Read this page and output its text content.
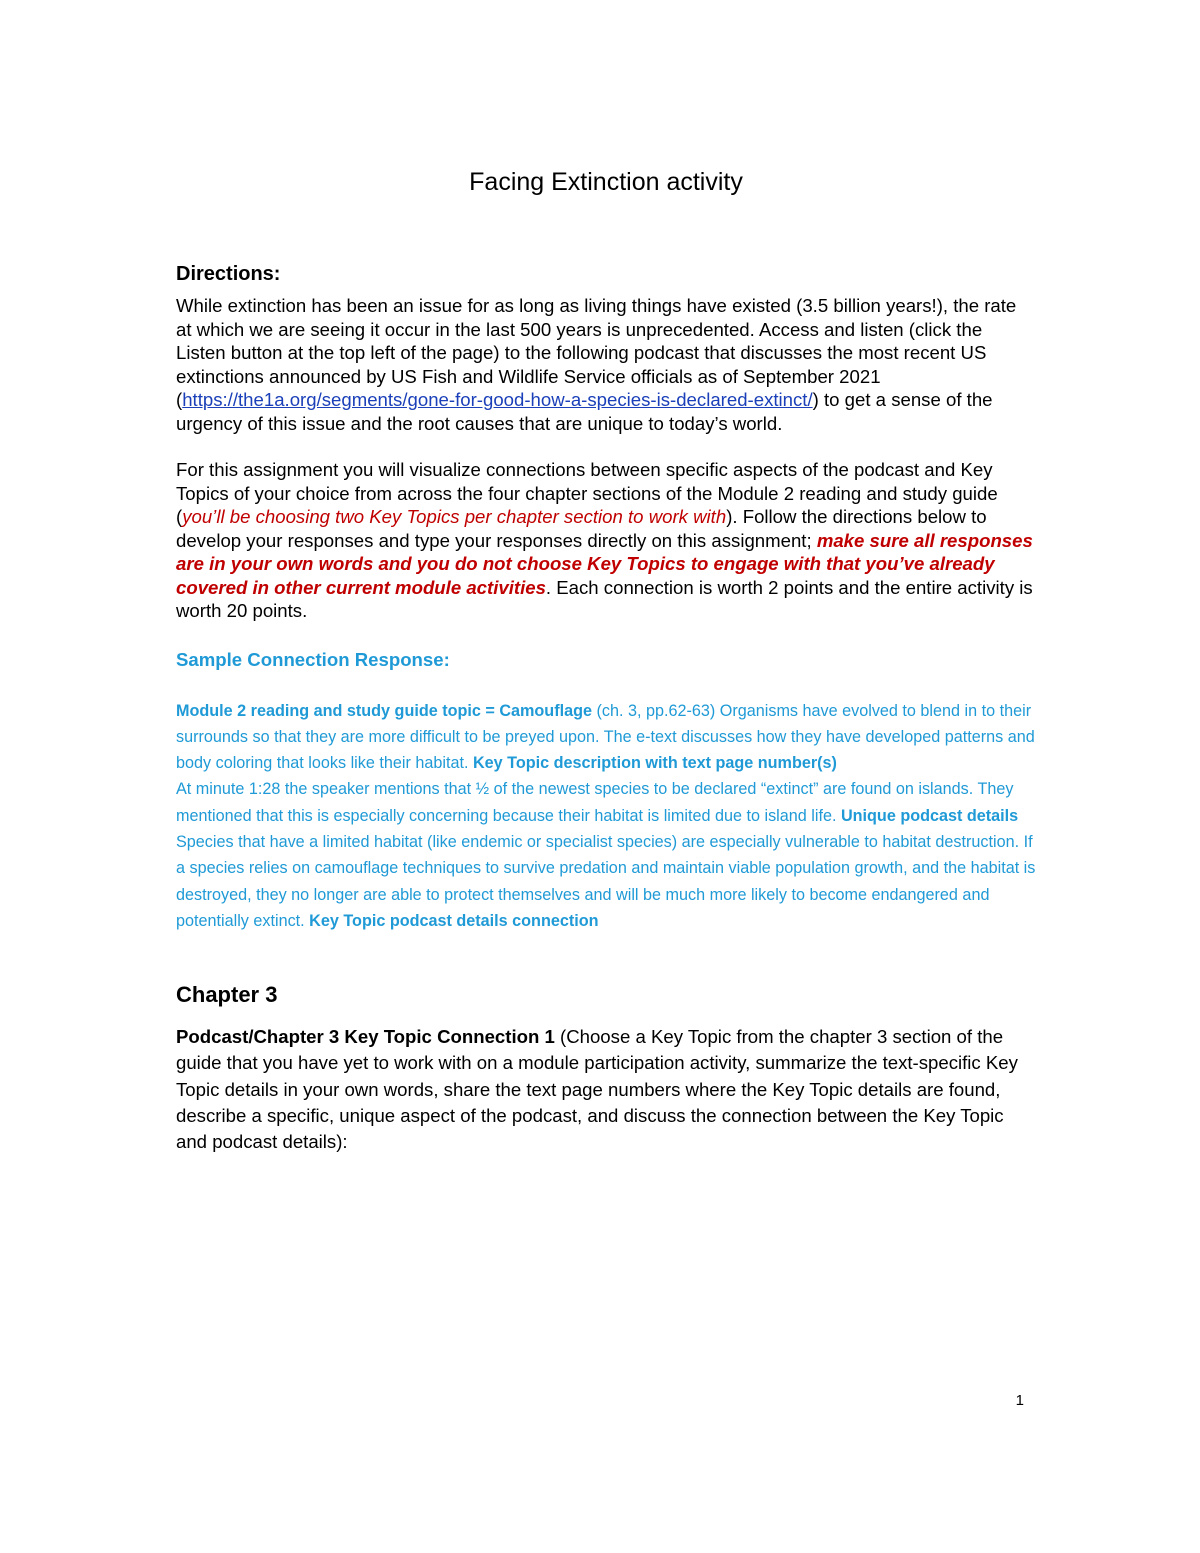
Facing Extinction activity

Directions:

While extinction has been an issue for as long as living things have existed (3.5 billion years!), the rate at which we are seeing it occur in the last 500 years is unprecedented. Access and listen (click the Listen button at the top left of the page) to the following podcast that discusses the most recent US extinctions announced by US Fish and Wildlife Service officials as of September 2021 (https://the1a.org/segments/gone-for-good-how-a-species-is-declared-extinct/) to get a sense of the urgency of this issue and the root causes that are unique to today’s world.

For this assignment you will visualize connections between specific aspects of the podcast and Key Topics of your choice from across the four chapter sections of the Module 2 reading and study guide (you’ll be choosing two Key Topics per chapter section to work with). Follow the directions below to develop your responses and type your responses directly on this assignment; make sure all responses are in your own words and you do not choose Key Topics to engage with that you’ve already covered in other current module activities. Each connection is worth 2 points and the entire activity is worth 20 points.

Sample Connection Response:

Module 2 reading and study guide topic = Camouflage (ch. 3, pp.62-63) Organisms have evolved to blend in to their surrounds so that they are more difficult to be preyed upon. The e-text discusses how they have developed patterns and body coloring that looks like their habitat. Key Topic description with text page number(s)

At minute 1:28 the speaker mentions that ½ of the newest species to be declared “extinct” are found on islands. They mentioned that this is especially concerning because their habitat is limited due to island life. Unique podcast details

Species that have a limited habitat (like endemic or specialist species) are especially vulnerable to habitat destruction. If a species relies on camouflage techniques to survive predation and maintain viable population growth, and the habitat is destroyed, they no longer are able to protect themselves and will be much more likely to become endangered and potentially extinct. Key Topic podcast details connection

Chapter 3

Podcast/Chapter 3 Key Topic Connection 1 (Choose a Key Topic from the chapter 3 section of the guide that you have yet to work with on a module participation activity, summarize the text-specific Key Topic details in your own words, share the text page numbers where the Key Topic details are found, describe a specific, unique aspect of the podcast, and discuss the connection between the Key Topic and podcast details):

1
